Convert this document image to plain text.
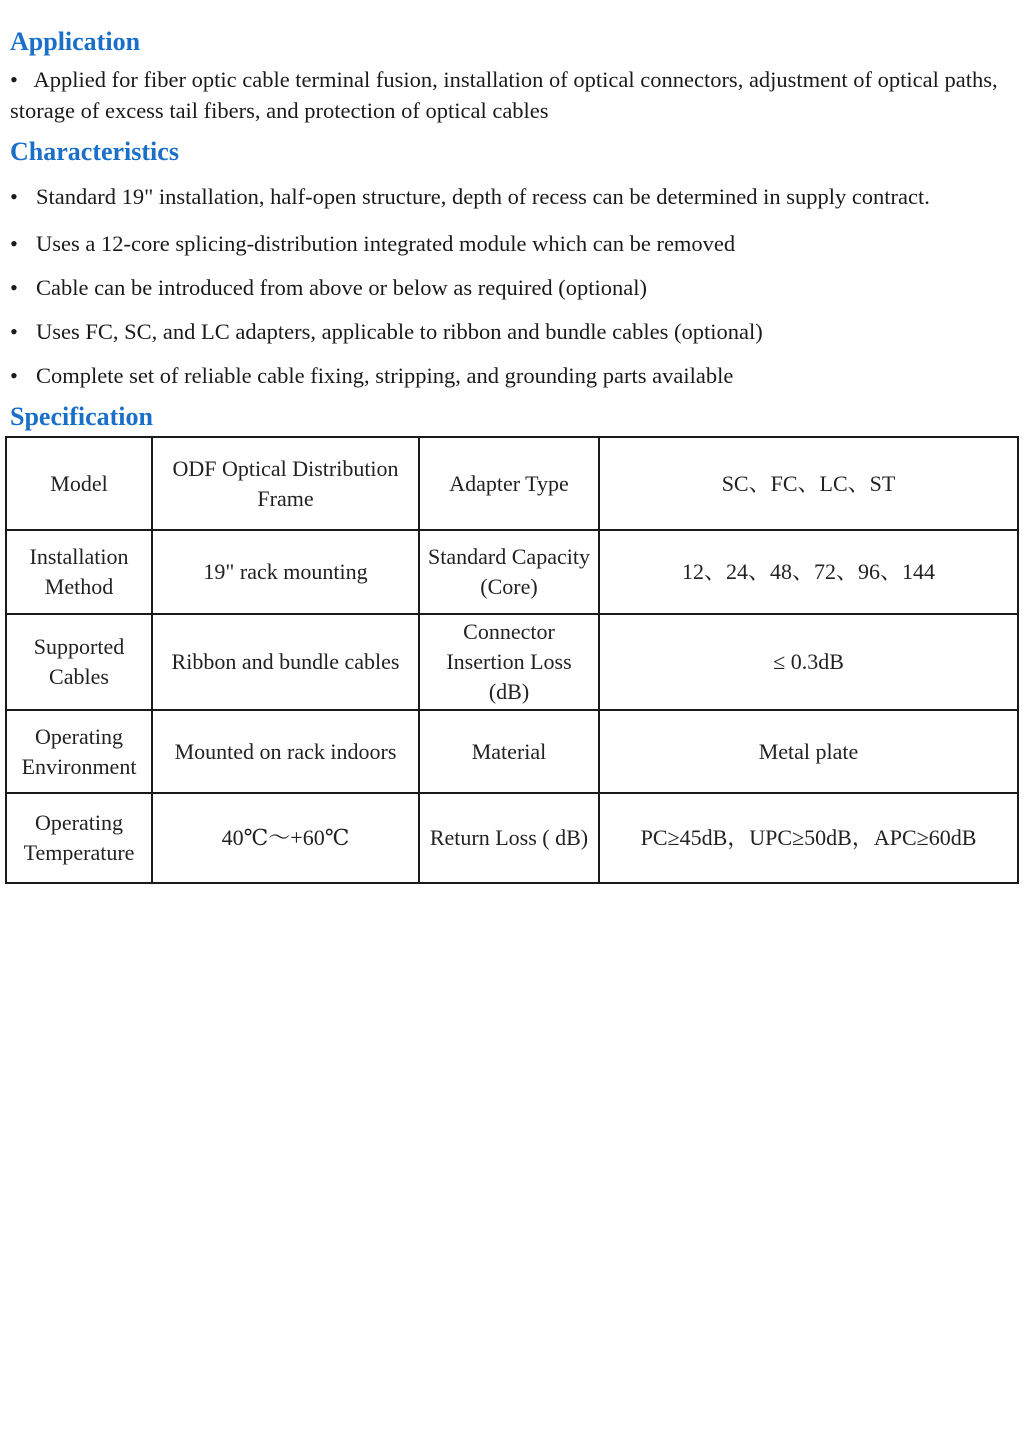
Application

• Applied for fiber optic cable terminal fusion, installation of optical connectors, adjustment of optical paths, storage of excess tail fibers, and protection of optical cables

Characteristics
• Standard 19" installation, half-open structure, depth of recess can be determined in supply contract.
• Uses a 12-core splicing-distribution integrated module which can be removed
• Cable can be introduced from above or below as required (optional)
• Uses FC, SC, and LC adapters, applicable to ribbon and bundle cables (optional)
• Complete set of reliable cable fixing, stripping, and grounding parts available
Specification
Model	ODF Optical Distribution Frame	Adapter Type	SC、FC、LC、ST
Installation Method	19" rack mounting	Standard Capacity (Core)	12、24、48、72、96、144
Supported Cables	Ribbon and bundle cables	Connector Insertion Loss (dB)	≤ 0.3dB
Operating Environment	Mounted on rack indoors	Material	Metal plate
Operating Temperature	40℃～+60℃	Return Loss ( dB)	PC≥45dB，UPC≥50dB，APC≥60dB
